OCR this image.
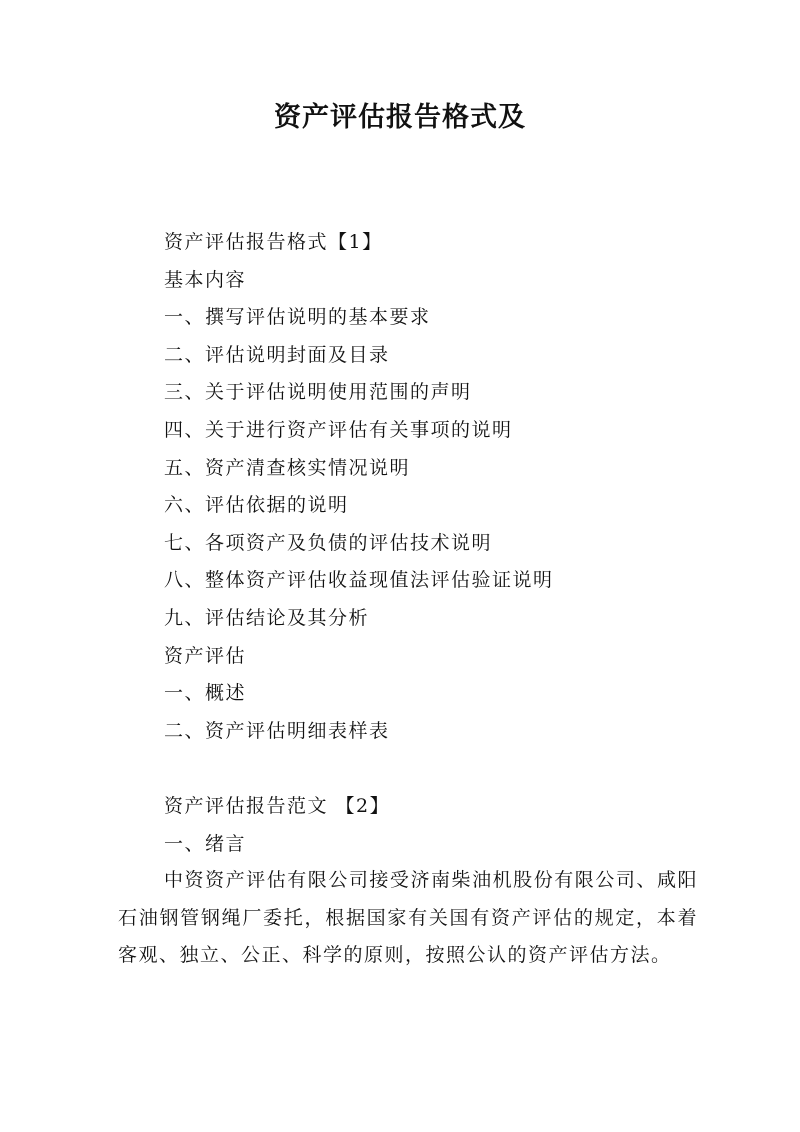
资产评估报告格式及
资产评估报告格式【1】
基本内容
一、撰写评估说明的基本要求
二、评估说明封面及目录
三、关于评估说明使用范围的声明
四、关于进行资产评估有关事项的说明
五、资产清查核实情况说明
六、评估依据的说明
七、各项资产及负债的评估技术说明
八、整体资产评估收益现值法评估验证说明
九、评估结论及其分析
资产评估
一、概述
二、资产评估明细表样表
资产评估报告范文 【2】
一、绪言
中资资产评估有限公司接受济南柴油机股份有限公司、咸阳石油钢管钢绳厂委托，根据国家有关国有资产评估的规定，本着客观、独立、公正、科学的原则，按照公认的资产评估方法。
